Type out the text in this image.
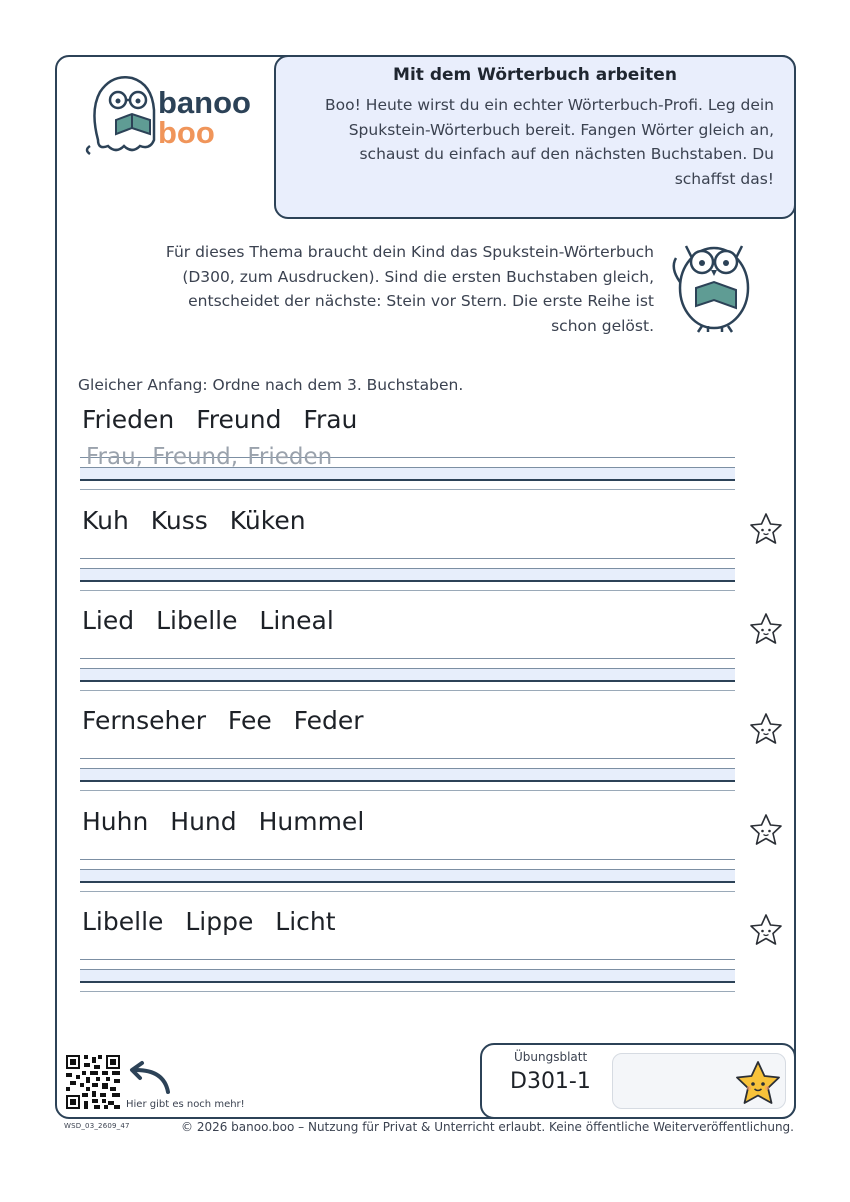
banoo
boo
Mit dem Wörterbuch arbeiten

Boo! Heute wirst du ein echter Wörterbuch-Profi. Leg dein Spukstein-Wörterbuch bereit. Fangen Wörter gleich an, schaust du einfach auf den nächsten Buchstaben. Du schaffst das!

Für dieses Thema braucht dein Kind das Spukstein-Wörterbuch (D300, zum Ausdrucken). Sind die ersten Buchstaben gleich, entscheidet der nächste: Stein vor Stern. Die erste Reihe ist schon gelöst.
Gleicher Anfang: Ordne nach dem 3. Buchstaben.
Frieden Freund Frau
Frau, Freund, Frieden
Kuh Kuss Küken
Lied Libelle Lineal
Fernseher Fee Feder
Huhn Hund Hummel
Libelle Lippe Licht
Hier gibt es noch mehr!
WSD_03_2609_47	© 2026 banoo.boo – Nutzung für Privat & Unterricht erlaubt. Keine öffentliche Weiterveröffentlichung.
Übungsblatt
D301-1
